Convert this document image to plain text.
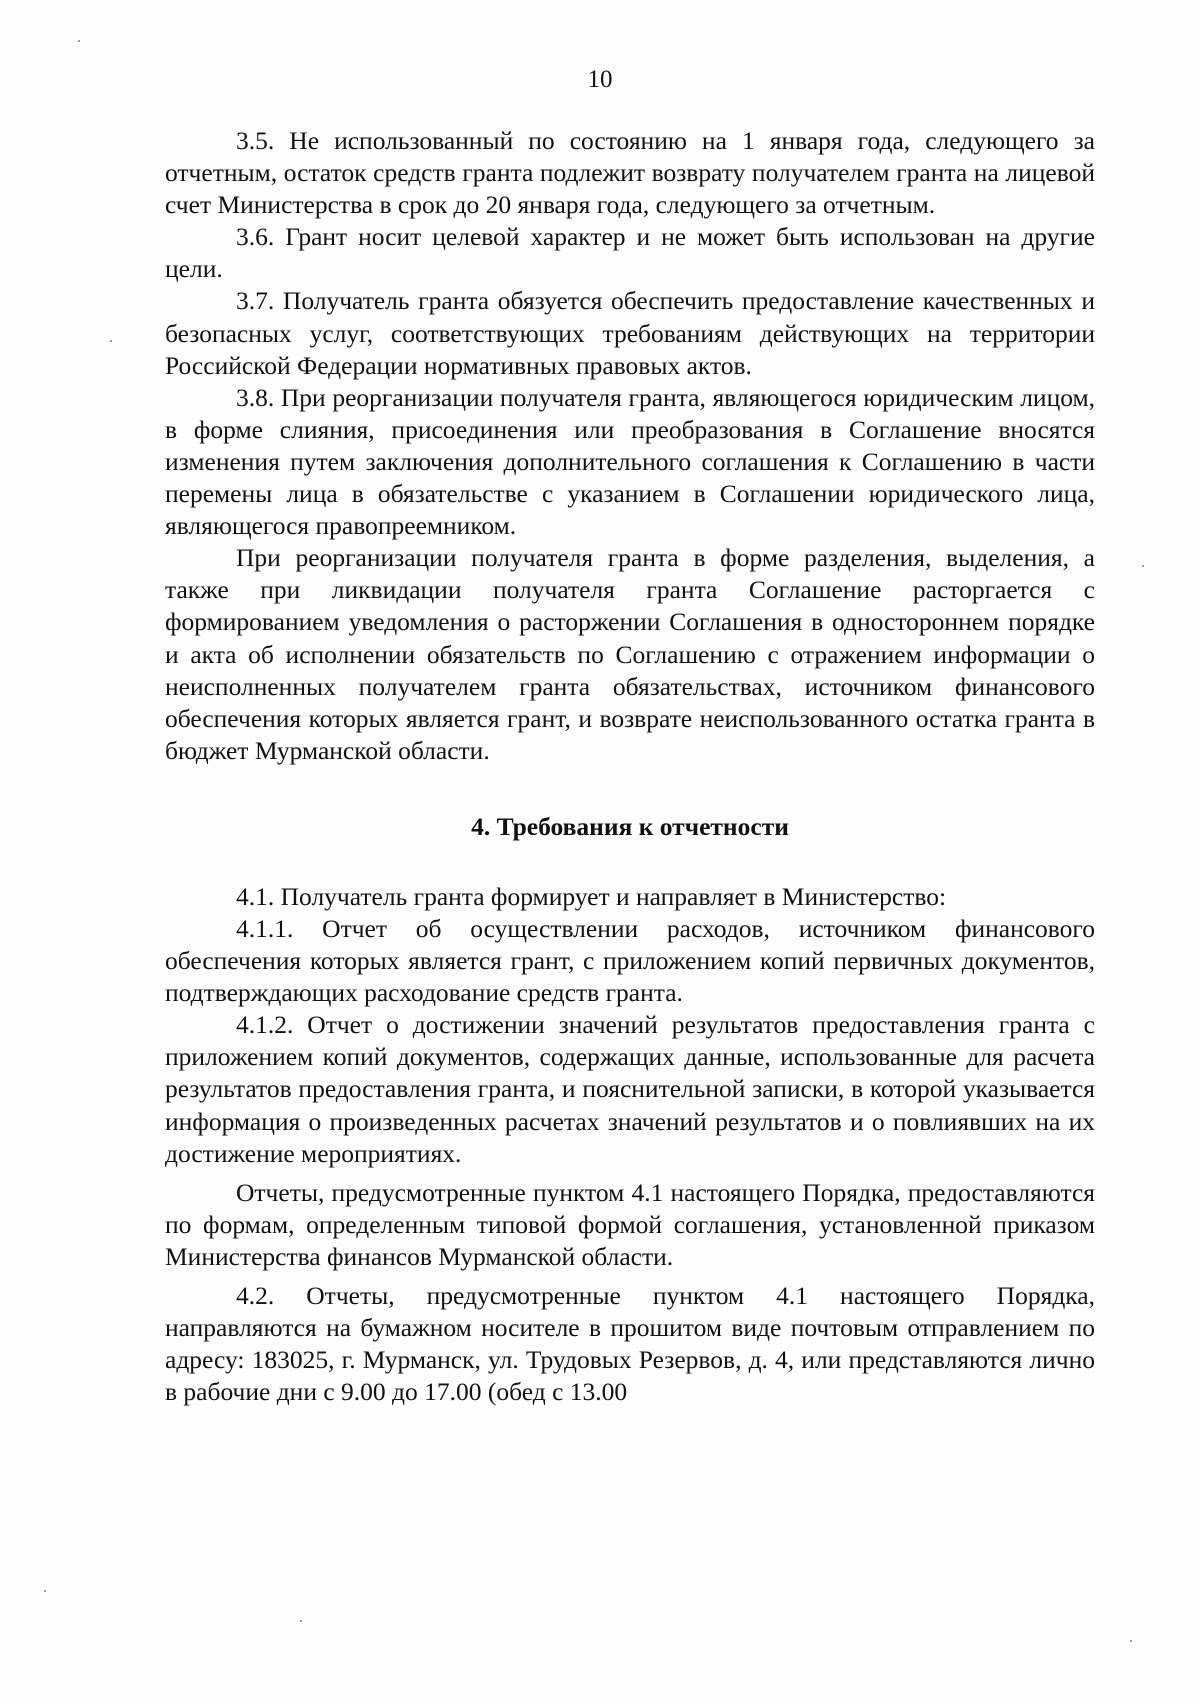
10

3.5. Не использованный по состоянию на 1 января года, следующего за отчетным, остаток средств гранта подлежит возврату получателем гранта на лицевой счет Министерства в срок до 20 января года, следующего за отчетным.

3.6. Грант носит целевой характер и не может быть использован на другие цели.

3.7. Получатель гранта обязуется обеспечить предоставление качественных и безопасных услуг, соответствующих требованиям действующих на территории Российской Федерации нормативных правовых актов.

3.8. При реорганизации получателя гранта, являющегося юридическим лицом, в форме слияния, присоединения или преобразования в Соглашение вносятся изменения путем заключения дополнительного соглашения к Соглашению в части перемены лица в обязательстве с указанием в Соглашении юридического лица, являющегося правопреемником.

При реорганизации получателя гранта в форме разделения, выделения, а также при ликвидации получателя гранта Соглашение расторгается с формированием уведомления о расторжении Соглашения в одностороннем порядке и акта об исполнении обязательств по Соглашению с отражением информации о неисполненных получателем гранта обязательствах, источником финансового обеспечения которых является грант, и возврате неиспользованного остатка гранта в бюджет Мурманской области.

4. Требования к отчетности

4.1. Получатель гранта формирует и направляет в Министерство:

4.1.1. Отчет об осуществлении расходов, источником финансового обеспечения которых является грант, с приложением копий первичных документов, подтверждающих расходование средств гранта.

4.1.2. Отчет о достижении значений результатов предоставления гранта с приложением копий документов, содержащих данные, использованные для расчета результатов предоставления гранта, и пояснительной записки, в которой указывается информация о произведенных расчетах значений результатов и о повлиявших на их достижение мероприятиях.

Отчеты, предусмотренные пунктом 4.1 настоящего Порядка, предоставляются по формам, определенным типовой формой соглашения, установленной приказом Министерства финансов Мурманской области.

4.2. Отчеты, предусмотренные пунктом 4.1 настоящего Порядка, направляются на бумажном носителе в прошитом виде почтовым отправлением по адресу: 183025, г. Мурманск, ул. Трудовых Резервов, д. 4, или представляются лично в рабочие дни с 9.00 до 17.00 (обед с 13.00
